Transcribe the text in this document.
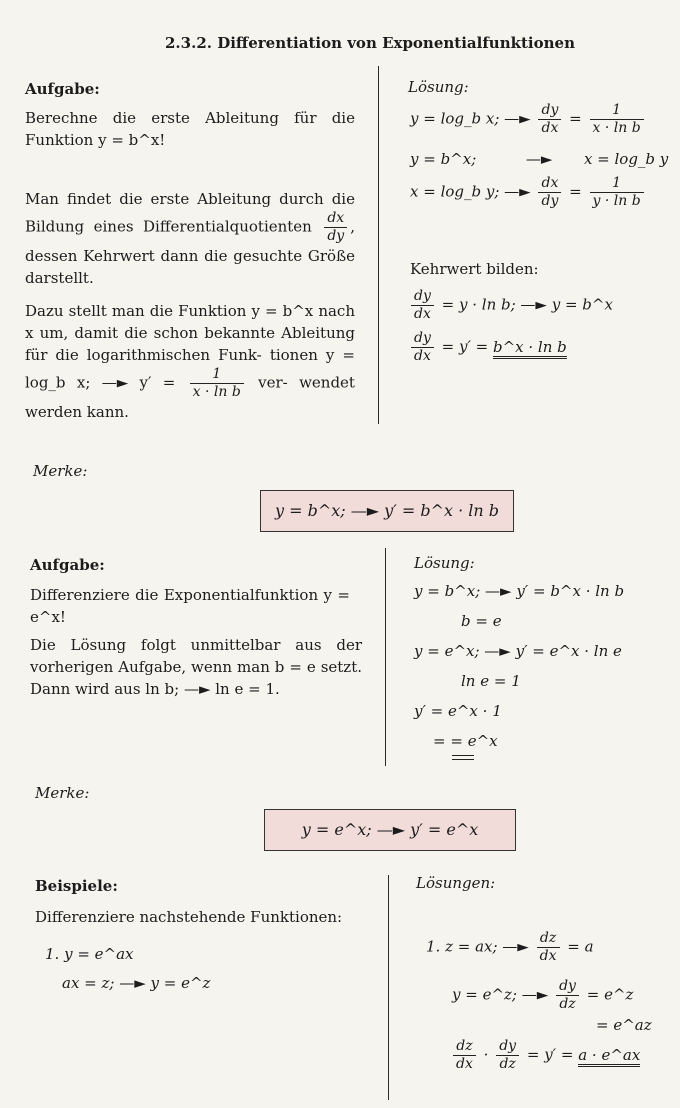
2.3.2. Differentiation von Exponentialfunktionen
Aufgabe:
Berechne die erste Ableitung für die Funktion y = b^x!
Man findet die erste Ableitung durch die Bildung eines Differentialquotienten $\frac{dx}{dy}$ , dessen Kehrwert dann die gesuchte Größe darstellt.
Dazu stellt man die Funktion y = b^x nach x um, damit die schon bekannte Ableitung für die logarithmischen Funk- tionen y = log_b x; —► $y' = \frac{1}{\text{x · ln b}} ver-$ wendet werden kann.
Lösung:
y = log_b x; —► $\frac{dy}{dx} = \frac{1}{\text{x · ln b}}$
y = b^x;	—► x = log_b y
x = log_b y; —► $\frac{dx}{dy} = \frac{1}{\text{y · ln b}}$
Kehrwert bilden:
$\frac{dy}{dx} = y \cdot \ln b$; —► y = b^x
$\frac{dy}{dx} = y'$ = b^x · ln b
Merke:
y = b^x; —► y′ = b^x · ln b
Aufgabe:
Differenziere die Exponentialfunktion y = e^x!
Die Lösung folgt unmittelbar aus der vorherigen Aufgabe, wenn man b = e setzt. Dann wird aus ln b; —► ln e = 1.
Lösung:
y = b^x; —► y′ = b^x · ln b
b = e
y = e^x; —► y′ = e^x · ln e
ln e = 1
y′ = e^x · 1
= = e^x
Merke:
y = e^x; —► y′ = e^x
Beispiele:
Differenziere nachstehende Funktionen:
1. y = e^ax
ax = z; —► y = e^z
Lösungen:
1. z = ax; —► $\frac{dz}{dx} = a$
y = e^z; —► $\frac{dy}{dz}$ = e^z
= e^az
$\frac{dz}{dx} \cdot \frac{dy}{dz} = y' = a$ · e^ax
